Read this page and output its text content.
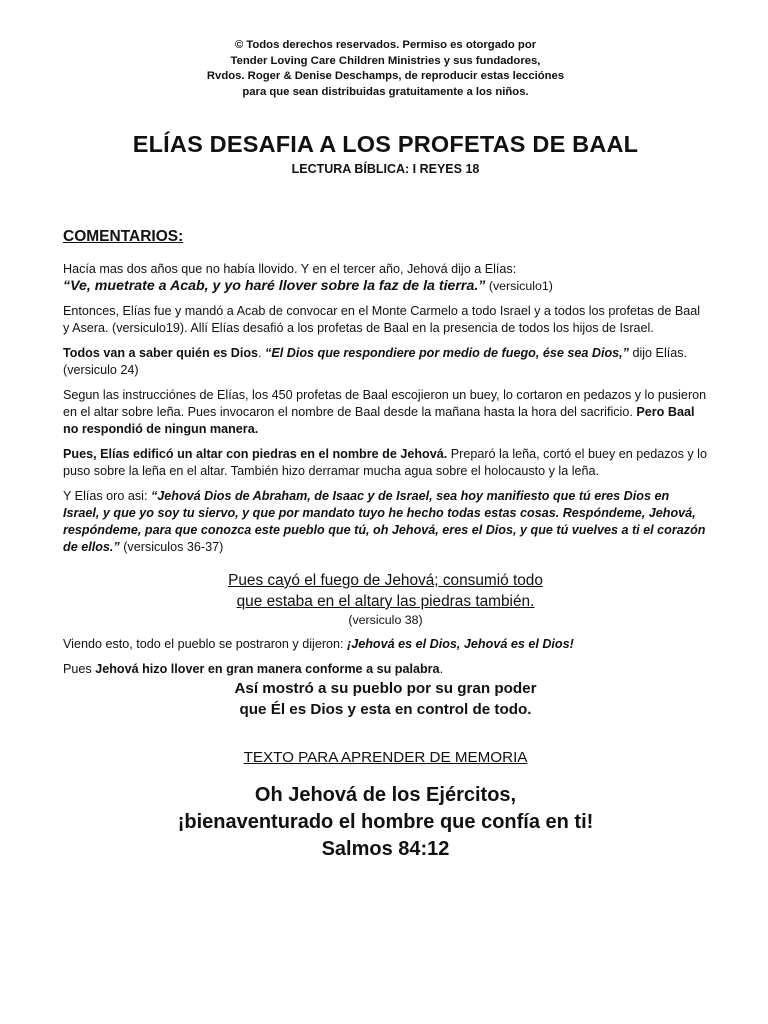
© Todos derechos reservados. Permiso es otorgado por
Tender Loving Care Children Ministries y sus fundadores,
Rvdos. Roger & Denise Deschamps, de reproducir estas lecciónes
para que sean distribuidas gratuitamente a los niños.

ELÍAS DESAFIA A LOS PROFETAS DE BAAL
LECTURA BÍBLICA: I REYES 18
COMENTARIOS:

Hacía mas dos años que no había llovido. Y en el tercer año, Jehová dijo a Elías:
“Ve, muetrate a Acab, y yo haré llover sobre la faz de la tierra.” (versiculo1)

Entonces, Elías fue y mandó a Acab de convocar en el Monte Carmelo a todo Israel y a todos los profetas de Baal y Asera. (versiculo19). Allí Elías desafió a los profetas de Baal en la presencia de todos los hijos de Israel.

Todos van a saber quién es Dios. “El Dios que respondiere por medio de fuego, ése sea Dios,” dijo Elías. (versiculo 24)

Segun las instrucciónes de Elías, los 450 profetas de Baal escojieron un buey, lo cortaron en pedazos y lo pusieron en el altar sobre leña. Pues invocaron el nombre de Baal desde la mañana hasta la hora del sacrificio. Pero Baal no respondió de ningun manera.

Pues, Elías edificó un altar con piedras en el nombre de Jehová. Preparó la leña, cortó el buey en pedazos y lo puso sobre la leña en el altar. También hizo derramar mucha agua sobre el holocausto y la leña.

Y Elías oro asi: “Jehová Dios de Abraham, de Isaac y de Israel, sea hoy manifiesto que tú eres Dios en Israel, y que yo soy tu siervo, y que por mandato tuyo he hecho todas estas cosas. Respóndeme, Jehová, respóndeme, para que conozca este pueblo que tú, oh Jehová, eres el Dios, y que tú vuelves a ti el corazón de ellos.” (versiculos 36-37)

Pues cayó el fuego de Jehová; consumió todo
que estaba en el altary las piedras también.
(versiculo 38)

Viendo esto, todo el pueblo se postraron y dijeron: ¡Jehová es el Dios, Jehová es el Dios!

Pues Jehová hizo llover en gran manera conforme a su palabra.

Así mostró a su pueblo por su gran poder
que Él es Dios y esta en control de todo.

TEXTO PARA APRENDER DE MEMORIA

Oh Jehová de los Ejércitos,
¡bienaventurado el hombre que confía en ti!
Salmos 84:12
